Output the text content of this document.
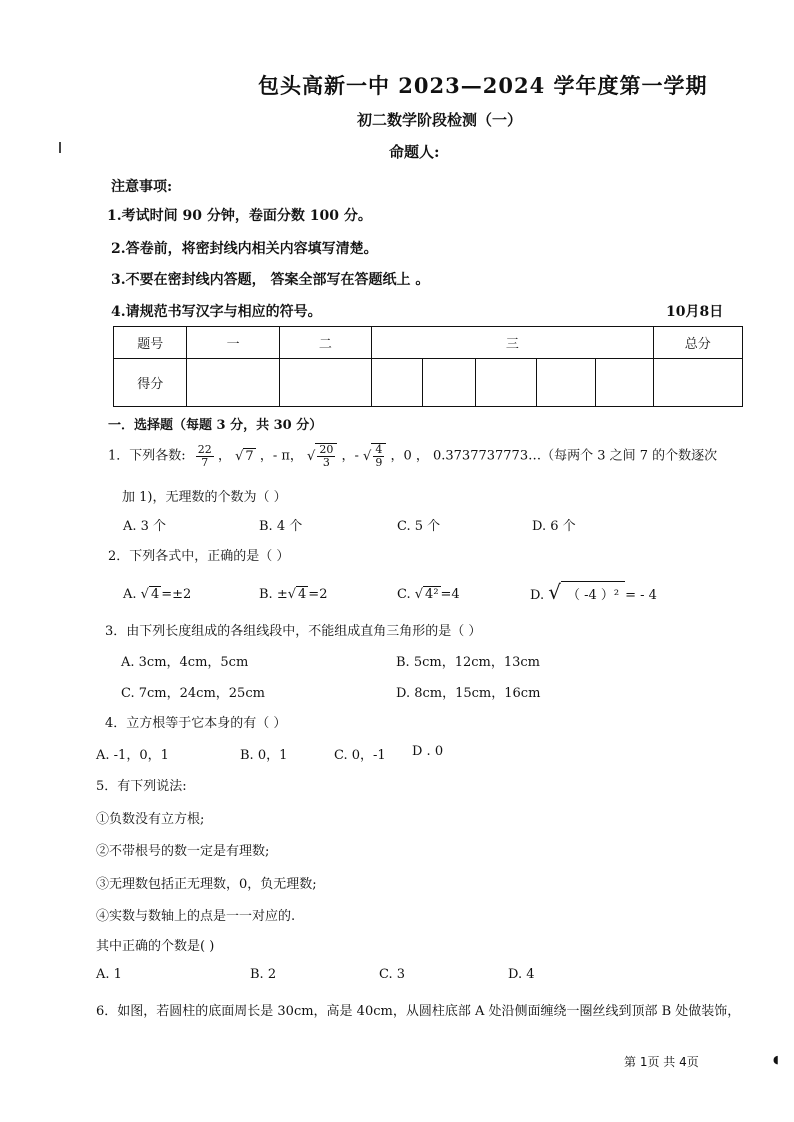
◖
包头高新一中 2023—2024 学年度第一学期
初二数学阶段检测（一）
命题人:
注意事项:
1.考试时间 90 分钟，卷面分数 100 分。
2.答卷前，将密封线内相关内容填写清楚。
3.不要在密封线内答题， 答案全部写在答题纸上 。
4.请规范书写汉字与相应的符号。	10月8日
题号	一	二	三					总分
得分								
一．选择题（每题 3 分，共 30 分）
1．下列各数: $\frac{22}{7}$ ， √ 7 ，- π， √ $\frac{20}{3}$ ，- √ $\frac{4}{9}$ ，0 ， 0.3737737773…（每两个 3 之间 7 的个数逐次
加 1)，无理数的个数为（ ）
A. 3 个	B. 4 个	C. 5 个	D. 6 个
2．下列各式中，正确的是（ ）
A. √ 4 =±2	B. ±√ 4 =2	C. √ 4² =4	D. √ （ -4 ）² = - 4
3．由下列长度组成的各组线段中，不能组成直角三角形的是（ ）
A. 3cm，4cm，5cm	B. 5cm，12cm，13cm
C. 7cm，24cm，25cm	D. 8cm，15cm，16cm
4．立方根等于它本身的有（ ）
A. -1，0，1	B. 0，1	C. 0，-1 D . 0
5．有下列说法:
①负数没有立方根;
②不带根号的数一定是有理数;
③无理数包括正无理数，0，负无理数;
④实数与数轴上的点是一一对应的.
其中正确的个数是( )
A. 1	B. 2	C. 3	D. 4
6．如图，若圆柱的底面周长是 30cm，高是 40cm，从圆柱底部 A 处沿侧面缠绕一圈丝线到顶部 B 处做装饰，
第 1页 共 4页
